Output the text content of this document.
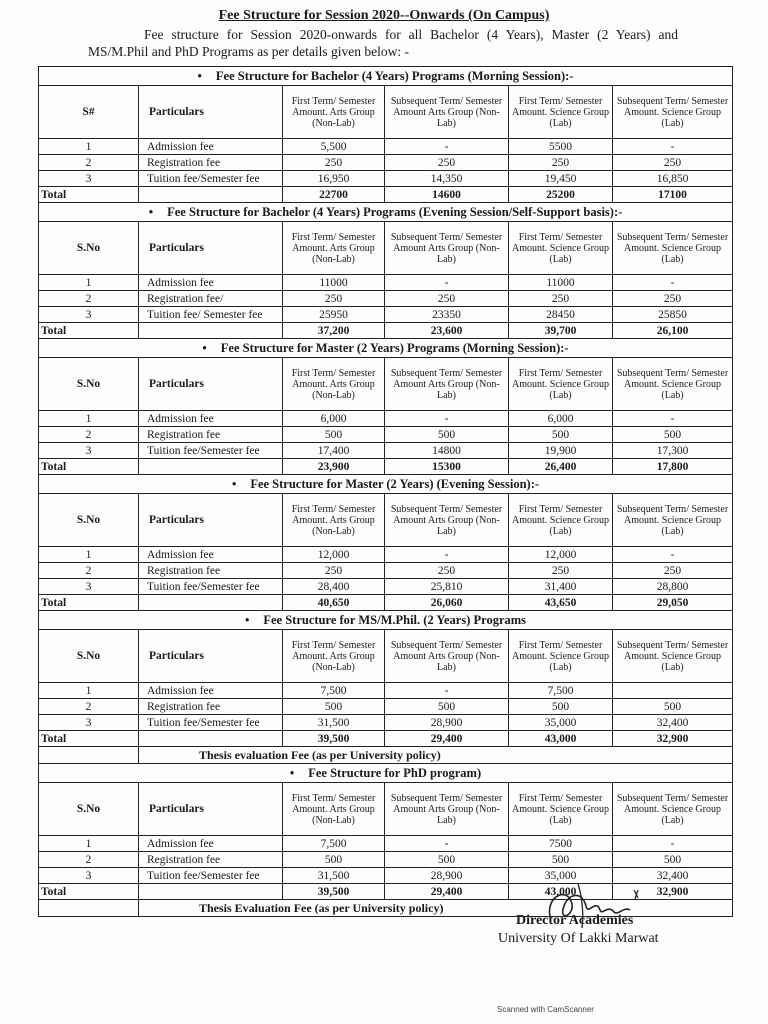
Fee Structure for Session 2020--Onwards (On Campus)
Fee structure for Session 2020-onwards for all Bachelor (4 Years), Master (2 Years) and MS/M.Phil and PhD Programs as per details given below: -
• Fee Structure for Bachelor (4 Years) Programs (Morning Session):-					
S#	Particulars	First Term/ Semester Amount. Arts Group (Non-Lab)	Subsequent Term/ Semester Amount Arts Group (Non- Lab)	First Term/ Semester Amount. Science Group (Lab)	Subsequent Term/ Semester Amount. Science Group (Lab)
1	Admission fee	5,500	-	5500	-
2	Registration fee	250	250	250	250
3	Tuition fee/Semester fee	16,950	14,350	19,450	16,850
Total		22700	14600	25200	17100
• Fee Structure for Bachelor (4 Years) Programs (Evening Session/Self-Support basis):-					
S.No	Particulars	First Term/ Semester Amount. Arts Group (Non-Lab)	Subsequent Term/ Semester Amount Arts Group (Non- Lab)	First Term/ Semester Amount. Science Group (Lab)	Subsequent Term/ Semester Amount. Science Group (Lab)
1	Admission fee	11000	-	11000	-
2	Registration fee/	250	250	250	250
3	Tuition fee/ Semester fee	25950	23350	28450	25850
Total		37,200	23,600	39,700	26,100
• Fee Structure for Master (2 Years) Programs (Morning Session):-					
S.No	Particulars	First Term/ Semester Amount. Arts Group (Non-Lab)	Subsequent Term/ Semester Amount Arts Group (Non- Lab)	First Term/ Semester Amount. Science Group (Lab)	Subsequent Term/ Semester Amount. Science Group (Lab)
1	Admission fee	6,000	-	6,000	-
2	Registration fee	500	500	500	500
3	Tuition fee/Semester fee	17,400	14800	19,900	17,300
Total		23,900	15300	26,400	17,800
• Fee Structure for Master (2 Years) (Evening Session):-					
S.No	Particulars	First Term/ Semester Amount. Arts Group (Non-Lab)	Subsequent Term/ Semester Amount Arts Group (Non- Lab)	First Term/ Semester Amount. Science Group (Lab)	Subsequent Term/ Semester Amount. Science Group (Lab)
1	Admission fee	12,000	-	12,000	-
2	Registration fee	250	250	250	250
3	Tuition fee/Semester fee	28,400	25,810	31,400	28,800
Total		40,650	26,060	43,650	29,050
• Fee Structure for MS/M.Phil. (2 Years) Programs					
S.No	Particulars	First Term/ Semester Amount. Arts Group (Non-Lab)	Subsequent Term/ Semester Amount Arts Group (Non- Lab)	First Term/ Semester Amount. Science Group (Lab)	Subsequent Term/ Semester Amount. Science Group (Lab)
1	Admission fee	7,500	-	7,500	
2	Registration fee	500	500	500	500
3	Tuition fee/Semester fee	31,500	28,900	35,000	32,400
Total		39,500	29,400	43,000	32,900
	Thesis evaluation Fee (as per University policy)				
• Fee Structure for PhD program)					
S.No	Particulars	First Term/ Semester Amount. Arts Group (Non-Lab)	Subsequent Term/ Semester Amount Arts Group (Non- Lab)	First Term/ Semester Amount. Science Group (Lab)	Subsequent Term/ Semester Amount. Science Group (Lab)
1	Admission fee	7,500	-	7500	-
2	Registration fee	500	500	500	500
3	Tuition fee/Semester fee	31,500	28,900	35,000	32,400
Total		39,500	29,400	43,000	32,900
	Thesis Evaluation Fee (as per University policy)				
Director Academies
University Of Lakki Marwat
Scanned with CamScanner
